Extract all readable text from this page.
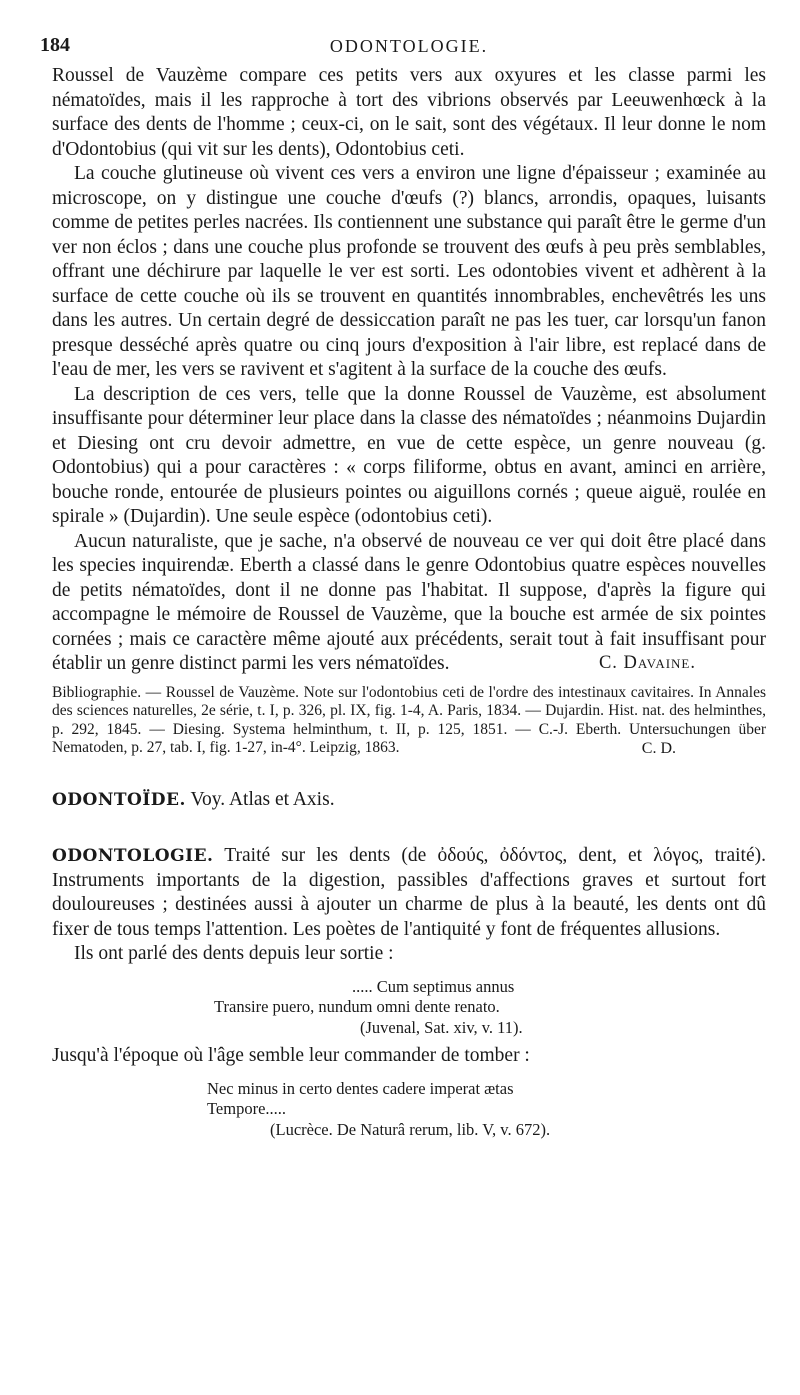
184	ODONTOLOGIE.

Roussel de Vauzème compare ces petits vers aux oxyures et les classe parmi les nématoïdes, mais il les rapproche à tort des vibrions observés par Leeuwenhœck à la surface des dents de l'homme ; ceux-ci, on le sait, sont des végétaux. Il leur donne le nom d'Odontobius (qui vit sur les dents), Odontobius ceti.

La couche glutineuse où vivent ces vers a environ une ligne d'épaisseur ; examinée au microscope, on y distingue une couche d'œufs (?) blancs, arrondis, opaques, luisants comme de petites perles nacrées. Ils contiennent une substance qui paraît être le germe d'un ver non éclos ; dans une couche plus profonde se trouvent des œufs à peu près semblables, offrant une déchirure par laquelle le ver est sorti. Les odontobies vivent et adhèrent à la surface de cette couche où ils se trouvent en quantités innombrables, enchevêtrés les uns dans les autres. Un certain degré de dessiccation paraît ne pas les tuer, car lorsqu'un fanon presque desséché après quatre ou cinq jours d'exposition à l'air libre, est replacé dans de l'eau de mer, les vers se ravivent et s'agitent à la surface de la couche des œufs.

La description de ces vers, telle que la donne Roussel de Vauzème, est absolument insuffisante pour déterminer leur place dans la classe des nématoïdes ; néanmoins Dujardin et Diesing ont cru devoir admettre, en vue de cette espèce, un genre nouveau (g. Odontobius) qui a pour caractères : « corps filiforme, obtus en avant, aminci en arrière, bouche ronde, entourée de plusieurs pointes ou aiguillons cornés ; queue aiguë, roulée en spirale » (Dujardin). Une seule espèce (odontobius ceti).

Aucun naturaliste, que je sache, n'a observé de nouveau ce ver qui doit être placé dans les species inquirendæ. Eberth a classé dans le genre Odontobius quatre espèces nouvelles de petits nématoïdes, dont il ne donne pas l'habitat. Il suppose, d'après la figure qui accompagne le mémoire de Roussel de Vauzème, que la bouche est armée de six pointes cornées ; mais ce caractère même ajouté aux précédents, serait tout à fait insuffisant pour établir un genre distinct parmi les vers nématoïdes.	C. Davaine.

Bibliographie. — Roussel de Vauzème. Note sur l'odontobius ceti de l'ordre des intestinaux cavitaires. In Annales des sciences naturelles, 2e série, t. I, p. 326, pl. IX, fig. 1-4, A. Paris, 1834. — Dujardin. Hist. nat. des helminthes, p. 292, 1845. — Diesing. Systema helminthum, t. II, p. 125, 1851. — C.-J. Eberth. Untersuchungen über Nematoden, p. 27, tab. I, fig. 1-27, in-4°. Leipzig, 1863.	C. D.

ODONTOÏDE. Voy. Atlas et Axis.

ODONTOLOGIE. Traité sur les dents (de ὀδούς, ὀδόντος, dent, et λόγος, traité). Instruments importants de la digestion, passibles d'affections graves et surtout fort douloureuses ; destinées aussi à ajouter un charme de plus à la beauté, les dents ont dû fixer de tous temps l'attention. Les poètes de l'antiquité y font de fréquentes allusions.

Ils ont parlé des dents depuis leur sortie :

..... Cum septimus annus
Transire puero, nundum omni dente renato.
(Juvenal, Sat. xiv, v. 11).

Jusqu'à l'époque où l'âge semble leur commander de tomber :

Nec minus in certo dentes cadere imperat ætas
Tempore.....
(Lucrèce. De Naturâ rerum, lib. V, v. 672).
